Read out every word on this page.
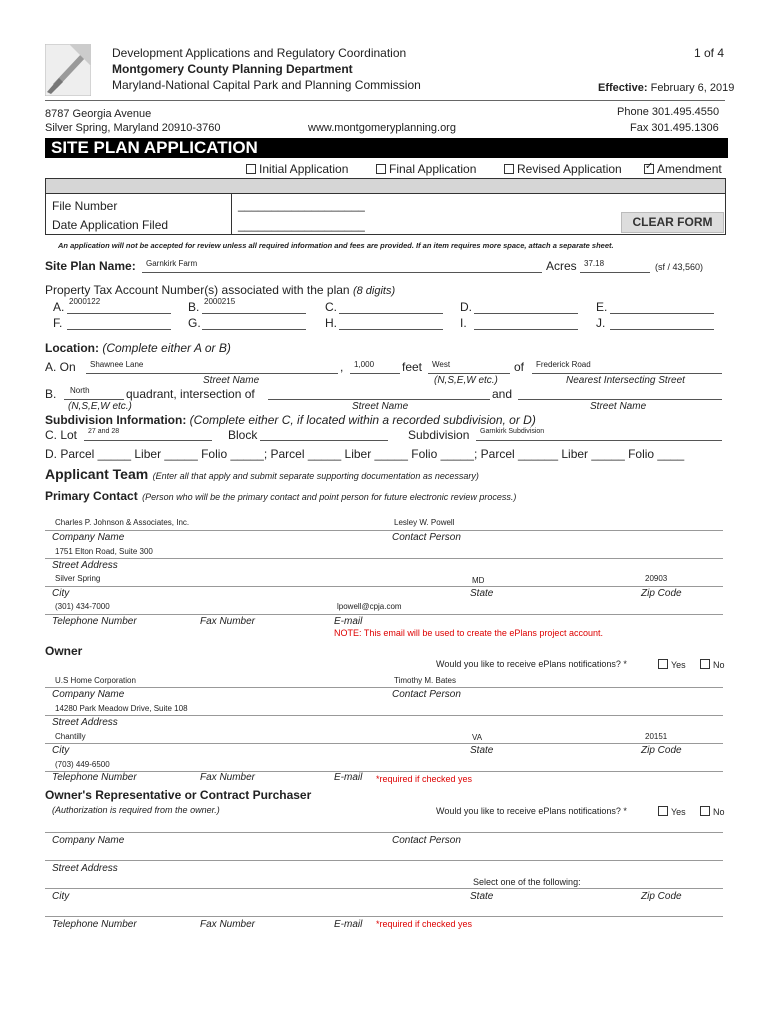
Development Applications and Regulatory Coordination
Montgomery County Planning Department
Maryland-National Capital Park and Planning Commission
1 of 4
Effective: February 6, 2019
8787 Georgia Avenue
Silver Spring, Maryland 20910-3760	www.montgomeryplanning.org
Phone 301.495.4550
Fax 301.495.1306
SITE PLAN APPLICATION
Initial Application	Final Application	Revised Application
✓	Amendment
File Number
Date Application Filed
___________________
___________________	CLEAR FORM
An application will not be accepted for review unless all required information and fees are provided. If an item requires more space, attach a separate sheet.
Site Plan Name: Garnkirk Farm	Acres 37.18	(sf / 43,560)
Property Tax Account Number(s) associated with the plan (8 digits)
A. 2000122	B. 2000215	C.	D.	E.
F.	G.	H.	I.	J.
Location: (Complete either A or B)
A. On Shawnee Lane	, 1,000 feet West	of Frederick Road
Street Name	(N,S,E,W etc.)	Nearest Intersecting Street
B. North	quadrant, intersection of	and
(N,S,E,W etc.)	Street Name	Street Name
Subdivision Information: (Complete either C, if located within a recorded subdivision, or D)
C. Lot 27 and 28	Block	Subdivision Garnkirk Subdivision
D. Parcel _____ Liber _____ Folio _____; Parcel _____ Liber _____ Folio _____; Parcel ______ Liber _____ Folio ____
Applicant Team (Enter all that apply and submit separate supporting documentation as necessary)
Primary Contact (Person who will be the primary contact and point person for future electronic review process.)
Charles P. Johnson & Associates, Inc.	Lesley W. Powell
Company Name	Contact Person
1751 Elton Road, Suite 300
Street Address
Silver Spring	MD	20903
City	State	Zip Code
(301) 434-7000	lpowell@cpja.com
Telephone Number	Fax Number	E-mail
NOTE: This email will be used to create the ePlans project account.
Owner
Would you like to receive ePlans notifications? *	Yes	No
U.S Home Corporation	Timothy M. Bates
Company Name	Contact Person
14280 Park Meadow Drive, Suite 108
Street Address
Chantilly	VA	20151
City	State	Zip Code
(703) 449-6500
Telephone Number	Fax Number	E-mail *required if checked yes
Owner's Representative or Contract Purchaser
(Authorization is required from the owner.)	Would you like to receive ePlans notifications? *	Yes	No
Company Name	Contact Person
Street Address
Select one of the following:
City	State	Zip Code
Telephone Number	Fax Number	E-mail *required if checked yes
